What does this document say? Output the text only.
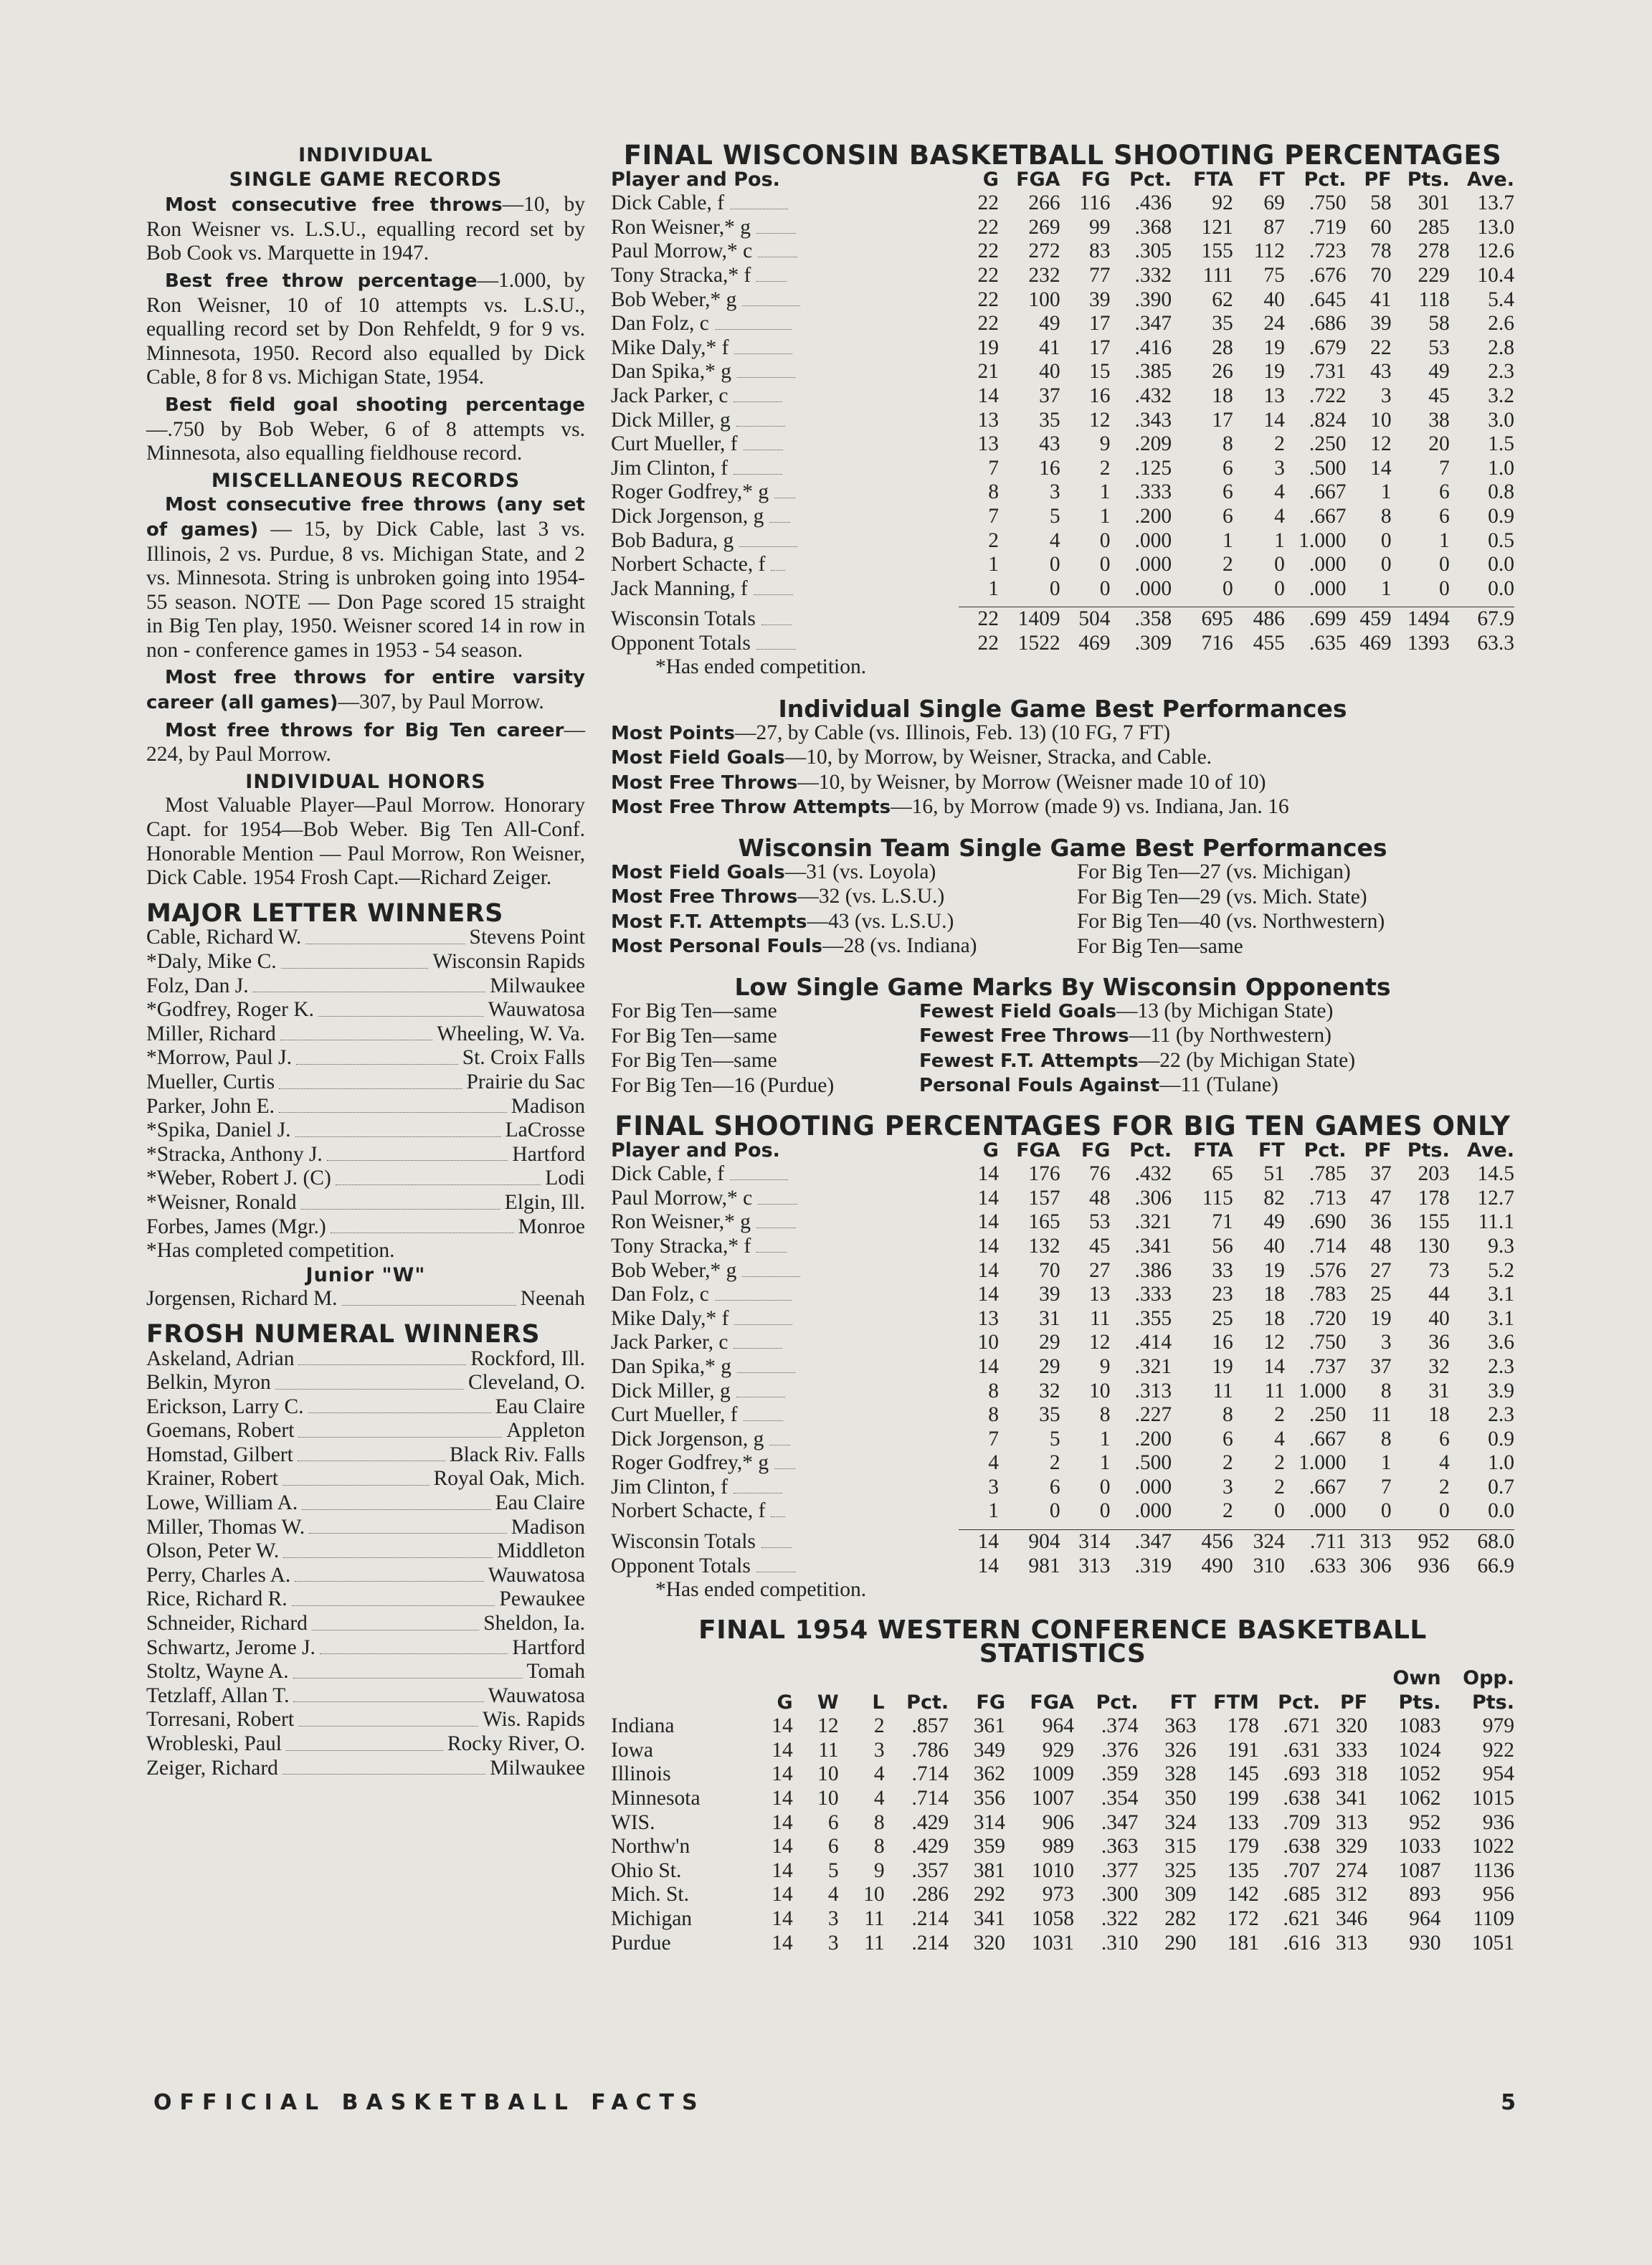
INDIVIDUAL
SINGLE GAME RECORDS

Most consecutive free throws—10, by Ron Weisner vs. L.S.U., equalling record set by Bob Cook vs. Marquette in 1947.

Best free throw percentage—1.000, by Ron Weisner, 10 of 10 attempts vs. L.S.U., equalling record set by Don Rehfeldt, 9 for 9 vs. Minnesota, 1950. Record also equalled by Dick Cable, 8 for 8 vs. Michigan State, 1954.

Best field goal shooting percentage—.750 by Bob Weber, 6 of 8 attempts vs. Minnesota, also equalling fieldhouse record.

MISCELLANEOUS RECORDS

Most consecutive free throws (any set of games) — 15, by Dick Cable, last 3 vs. Illinois, 2 vs. Purdue, 8 vs. Michigan State, and 2 vs. Minnesota. String is unbroken going into 1954-55 season. NOTE — Don Page scored 15 straight in Big Ten play, 1950. Weisner scored 14 in row in non - conference games in 1953 - 54 season.

Most free throws for entire varsity career (all games)—307, by Paul Morrow.

Most free throws for Big Ten career—224, by Paul Morrow.

INDIVIDUAL HONORS
Most Valuable Player—Paul Morrow. Honorary Capt. for 1954—Bob Weber. Big Ten All-Conf. Honorable Mention — Paul Morrow, Ron Weisner, Dick Cable. 1954 Frosh Capt.—Richard Zeiger.
MAJOR LETTER WINNERS
Cable, Richard W.	Stevens Point
*Daly, Mike C.	Wisconsin Rapids
Folz, Dan J.	Milwaukee
*Godfrey, Roger K.	Wauwatosa
Miller, Richard	Wheeling, W. Va.
*Morrow, Paul J.	St. Croix Falls
Mueller, Curtis	Prairie du Sac
Parker, John E.	Madison
*Spika, Daniel J.	LaCrosse
*Stracka, Anthony J.	Hartford
*Weber, Robert J. (C)	Lodi
*Weisner, Ronald	Elgin, Ill.
Forbes, James (Mgr.)	Monroe
*Has completed competition.
Junior "W"
Jorgensen, Richard M.	Neenah
FROSH NUMERAL WINNERS
Askeland, Adrian	Rockford, Ill.
Belkin, Myron	Cleveland, O.
Erickson, Larry C.	Eau Claire
Goemans, Robert	Appleton
Homstad, Gilbert	Black Riv. Falls
Krainer, Robert	Royal Oak, Mich.
Lowe, William A.	Eau Claire
Miller, Thomas W.	Madison
Olson, Peter W.	Middleton
Perry, Charles A.	Wauwatosa
Rice, Richard R.	Pewaukee
Schneider, Richard	Sheldon, Ia.
Schwartz, Jerome J.	Hartford
Stoltz, Wayne A.	Tomah
Tetzlaff, Allan T.	Wauwatosa
Torresani, Robert	Wis. Rapids
Wrobleski, Paul	Rocky River, O.
Zeiger, Richard	Milwaukee
FINAL WISCONSIN BASKETBALL SHOOTING PERCENTAGES
Player and Pos.	G	FGA	FG	Pct.	FTA	FT	Pct.	PF	Pts.	Ave.
Dick Cable, f	22	266	116	.436	92	69	.750	58	301	13.7
Ron Weisner,* g	22	269	99	.368	121	87	.719	60	285	13.0
Paul Morrow,* c	22	272	83	.305	155	112	.723	78	278	12.6
Tony Stracka,* f	22	232	77	.332	111	75	.676	70	229	10.4
Bob Weber,* g	22	100	39	.390	62	40	.645	41	118	5.4
Dan Folz, c	22	49	17	.347	35	24	.686	39	58	2.6
Mike Daly,* f	19	41	17	.416	28	19	.679	22	53	2.8
Dan Spika,* g	21	40	15	.385	26	19	.731	43	49	2.3
Jack Parker, c	14	37	16	.432	18	13	.722	3	45	3.2
Dick Miller, g	13	35	12	.343	17	14	.824	10	38	3.0
Curt Mueller, f	13	43	9	.209	8	2	.250	12	20	1.5
Jim Clinton, f	7	16	2	.125	6	3	.500	14	7	1.0
Roger Godfrey,* g	8	3	1	.333	6	4	.667	1	6	0.8
Dick Jorgenson, g	7	5	1	.200	6	4	.667	8	6	0.9
Bob Badura, g	2	4	0	.000	1	1	1.000	0	1	0.5
Norbert Schacte, f	1	0	0	.000	2	0	.000	0	0	0.0
Jack Manning, f	1	0	0	.000	0	0	.000	1	0	0.0

Wisconsin Totals	22	1409	504	.358	695	486	.699	459	1494	67.9
Opponent Totals	22	1522	469	.309	716	455	.635	469	1393	63.3
*Has ended competition.
Individual Single Game Best Performances
Most Points—27, by Cable (vs. Illinois, Feb. 13) (10 FG, 7 FT)
Most Field Goals—10, by Morrow, by Weisner, Stracka, and Cable.
Most Free Throws—10, by Weisner, by Morrow (Weisner made 10 of 10)
Most Free Throw Attempts—16, by Morrow (made 9) vs. Indiana, Jan. 16
Wisconsin Team Single Game Best Performances
Most Field Goals—31 (vs. Loyola)	For Big Ten—27 (vs. Michigan)
Most Free Throws—32 (vs. L.S.U.)	For Big Ten—29 (vs. Mich. State)
Most F.T. Attempts—43 (vs. L.S.U.)	For Big Ten—40 (vs. Northwestern)
Most Personal Fouls—28 (vs. Indiana)	For Big Ten—same
Low Single Game Marks By Wisconsin Opponents
For Big Ten—same	Fewest Field Goals—13 (by Michigan State)
For Big Ten—same	Fewest Free Throws—11 (by Northwestern)
For Big Ten—same	Fewest F.T. Attempts—22 (by Michigan State)
For Big Ten—16 (Purdue)	Personal Fouls Against—11 (Tulane)
FINAL SHOOTING PERCENTAGES FOR BIG TEN GAMES ONLY
Player and Pos.	G	FGA	FG	Pct.	FTA	FT	Pct.	PF	Pts.	Ave.
Dick Cable, f	14	176	76	.432	65	51	.785	37	203	14.5
Paul Morrow,* c	14	157	48	.306	115	82	.713	47	178	12.7
Ron Weisner,* g	14	165	53	.321	71	49	.690	36	155	11.1
Tony Stracka,* f	14	132	45	.341	56	40	.714	48	130	9.3
Bob Weber,* g	14	70	27	.386	33	19	.576	27	73	5.2
Dan Folz, c	14	39	13	.333	23	18	.783	25	44	3.1
Mike Daly,* f	13	31	11	.355	25	18	.720	19	40	3.1
Jack Parker, c	10	29	12	.414	16	12	.750	3	36	3.6
Dan Spika,* g	14	29	9	.321	19	14	.737	37	32	2.3
Dick Miller, g	8	32	10	.313	11	11	1.000	8	31	3.9
Curt Mueller, f	8	35	8	.227	8	2	.250	11	18	2.3
Dick Jorgenson, g	7	5	1	.200	6	4	.667	8	6	0.9
Roger Godfrey,* g	4	2	1	.500	2	2	1.000	1	4	1.0
Jim Clinton, f	3	6	0	.000	3	2	.667	7	2	0.7
Norbert Schacte, f	1	0	0	.000	2	0	.000	0	0	0.0

Wisconsin Totals	14	904	314	.347	456	324	.711	313	952	68.0
Opponent Totals	14	981	313	.319	490	310	.633	306	936	66.9
*Has ended competition.
FINAL 1954 WESTERN CONFERENCE BASKETBALL STATISTICS
												Own	Opp.
	G	W	L	Pct.	FG	FGA	Pct.	FT	FTM	Pct.	PF	Pts.	Pts.
Indiana	14	12	2	.857	361	964	.374	363	178	.671	320	1083	979
Iowa	14	11	3	.786	349	929	.376	326	191	.631	333	1024	922
Illinois	14	10	4	.714	362	1009	.359	328	145	.693	318	1052	954
Minnesota	14	10	4	.714	356	1007	.354	350	199	.638	341	1062	1015
WIS.	14	6	8	.429	314	906	.347	324	133	.709	313	952	936
Northw'n	14	6	8	.429	359	989	.363	315	179	.638	329	1033	1022
Ohio St.	14	5	9	.357	381	1010	.377	325	135	.707	274	1087	1136
Mich. St.	14	4	10	.286	292	973	.300	309	142	.685	312	893	956
Michigan	14	3	11	.214	341	1058	.322	282	172	.621	346	964	1109
Purdue	14	3	11	.214	320	1031	.310	290	181	.616	313	930	1051
OFFICIAL BASKETBALL FACTS	5
